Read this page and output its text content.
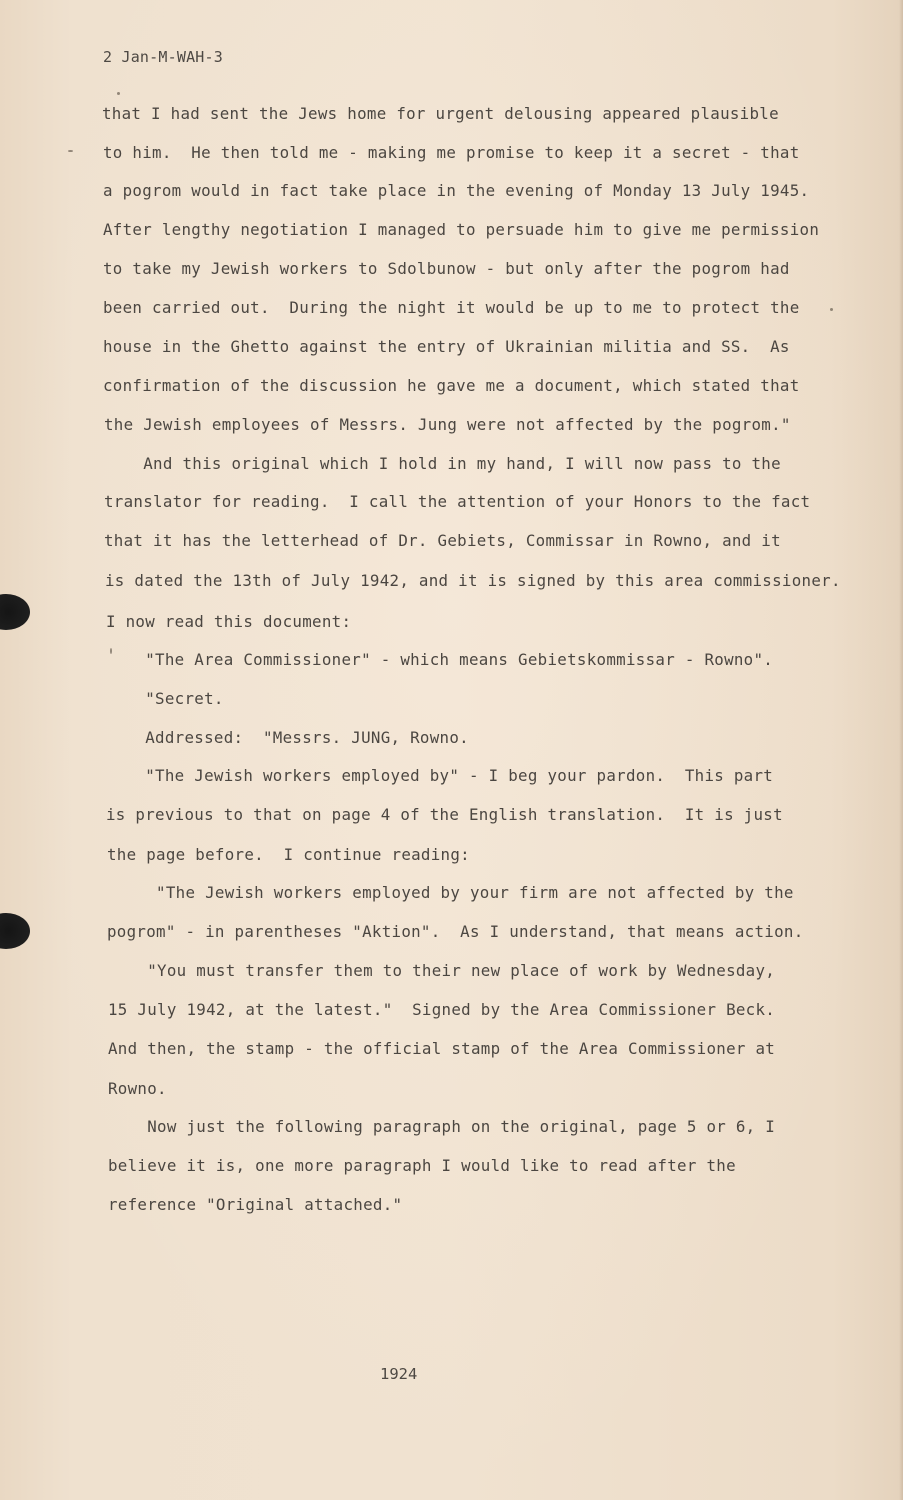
2 Jan-M-WAH-3
that I had sent the Jews home for urgent delousing appeared plausible
to him.  He then told me - making me promise to keep it a secret - that
a pogrom would in fact take place in the evening of Monday 13 July 1945.
After lengthy negotiation I managed to persuade him to give me permission
to take my Jewish workers to Sdolbunow - but only after the pogrom had
been carried out.  During the night it would be up to me to protect the
house in the Ghetto against the entry of Ukrainian militia and SS.  As
confirmation of the discussion he gave me a document, which stated that
the Jewish employees of Messrs. Jung were not affected by the pogrom."
And this original which I hold in my hand, I will now pass to the
translator for reading.  I call the attention of your Honors to the fact
that it has the letterhead of Dr. Gebiets, Commissar in Rowno, and it
is dated the 13th of July 1942, and it is signed by this area commissioner.
I now read this document:
"The Area Commissioner" - which means Gebietskommissar - Rowno".
"Secret.
Addressed:  "Messrs. JUNG, Rowno.
"The Jewish workers employed by" - I beg your pardon.  This part
is previous to that on page 4 of the English translation.  It is just
the page before.  I continue reading:
"The Jewish workers employed by your firm are not affected by the
pogrom" - in parentheses "Aktion".  As I understand, that means action.
"You must transfer them to their new place of work by Wednesday,
15 July 1942, at the latest."  Signed by the Area Commissioner Beck.
And then, the stamp - the official stamp of the Area Commissioner at
Rowno.
Now just the following paragraph on the original, page 5 or 6, I
believe it is, one more paragraph I would like to read after the
reference "Original attached."
1924
